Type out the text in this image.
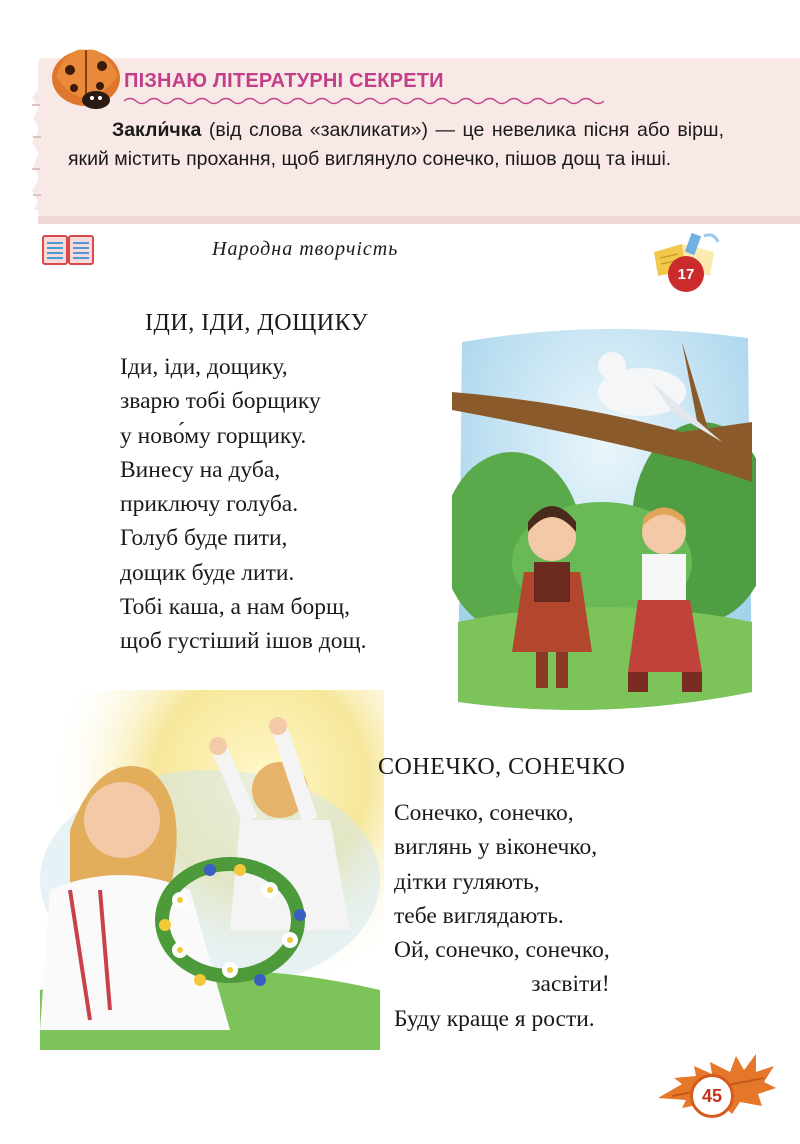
ПІЗНАЮ ЛІТЕРАТУРНІ СЕКРЕТИ
Закли́чка (від слова «закликати») — це невелика пісня або вірш, який містить прохання, щоб виглянуло сонечко, пішов дощ та інші.
Народна творчість
17
ІДИ, ІДИ, ДОЩИКУ
Іди, іди, дощику,
зварю тобі борщику
у ново́му горщику.
Винесу на дуба,
приключу голуба.
Голуб буде пити,
дощик буде лити.
Тобі каша, а нам борщ,
щоб густіший ішов дощ.
СОНЕЧКО, СОНЕЧКО
Сонечко, сонечко,
виглянь у віконечко,
дітки гуляють,
тебе виглядають.
Ой, сонечко, сонечко,
засвіти!
Буду краще я рости.
45
